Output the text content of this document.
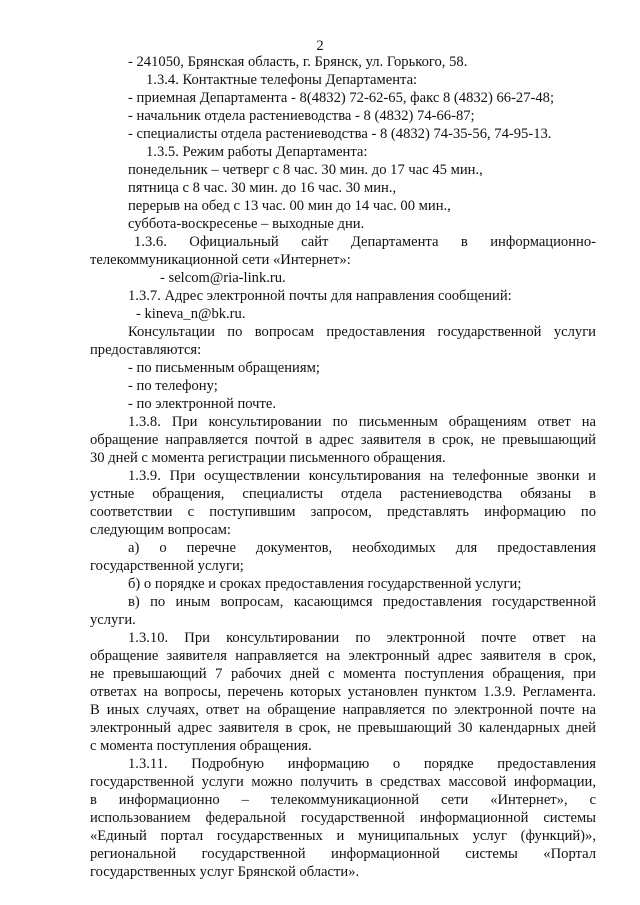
2
- 241050, Брянская область, г. Брянск, ул. Горького, 58.
1.3.4. Контактные телефоны Департамента:
- приемная Департамента - 8(4832) 72-62-65, факс 8 (4832) 66-27-48;
- начальник отдела растениеводства - 8 (4832) 74-66-87;
- специалисты отдела растениеводства - 8 (4832) 74-35-56, 74-95-13.
1.3.5. Режим работы Департамента:
понедельник – четверг с 8 час. 30 мин. до 17 час 45 мин.,
пятница с 8 час. 30 мин. до 16 час. 30 мин.,
перерыв на обед с 13 час. 00 мин до 14 час. 00 мин.,
суббота-воскресенье – выходные дни.
1.3.6. Официальный сайт Департамента в информационно-
телекоммуникационной сети «Интернет»:
- selcom@ria-link.ru.
1.3.7. Адрес электронной почты для направления сообщений:
- kineva_n@bk.ru.
Консультации по вопросам предоставления государственной услуги
предоставляются:
- по письменным обращениям;
- по телефону;
- по электронной почте.
1.3.8. При консультировании по письменным обращениям ответ на
обращение направляется почтой в адрес заявителя в срок, не превышающий
30 дней с момента регистрации письменного обращения.
1.3.9. При осуществлении консультирования на телефонные звонки и
устные обращения, специалисты отдела растениеводства обязаны в
соответствии с поступившим запросом, представлять информацию по
следующим вопросам:
а) о перечне документов, необходимых для предоставления
государственной услуги;
б) о порядке и сроках предоставления государственной услуги;
в) по иным вопросам, касающимся предоставления государственной
услуги.
1.3.10. При консультировании по электронной почте ответ на
обращение заявителя направляется на электронный адрес заявителя в срок,
не превышающий 7 рабочих дней с момента поступления обращения, при
ответах на вопросы, перечень которых установлен пунктом 1.3.9. Регламента.
В иных случаях, ответ на обращение направляется по электронной почте на
электронный адрес заявителя в срок, не превышающий 30 календарных дней
с момента поступления обращения.
1.3.11. Подробную информацию о порядке предоставления
государственной услуги можно получить в средствах массовой информации,
в информационно – телекоммуникационной сети «Интернет», с
использованием федеральной государственной информационной системы
«Единый портал государственных и муниципальных услуг (функций)»,
региональной государственной информационной системы «Портал
государственных услуг Брянской области».
